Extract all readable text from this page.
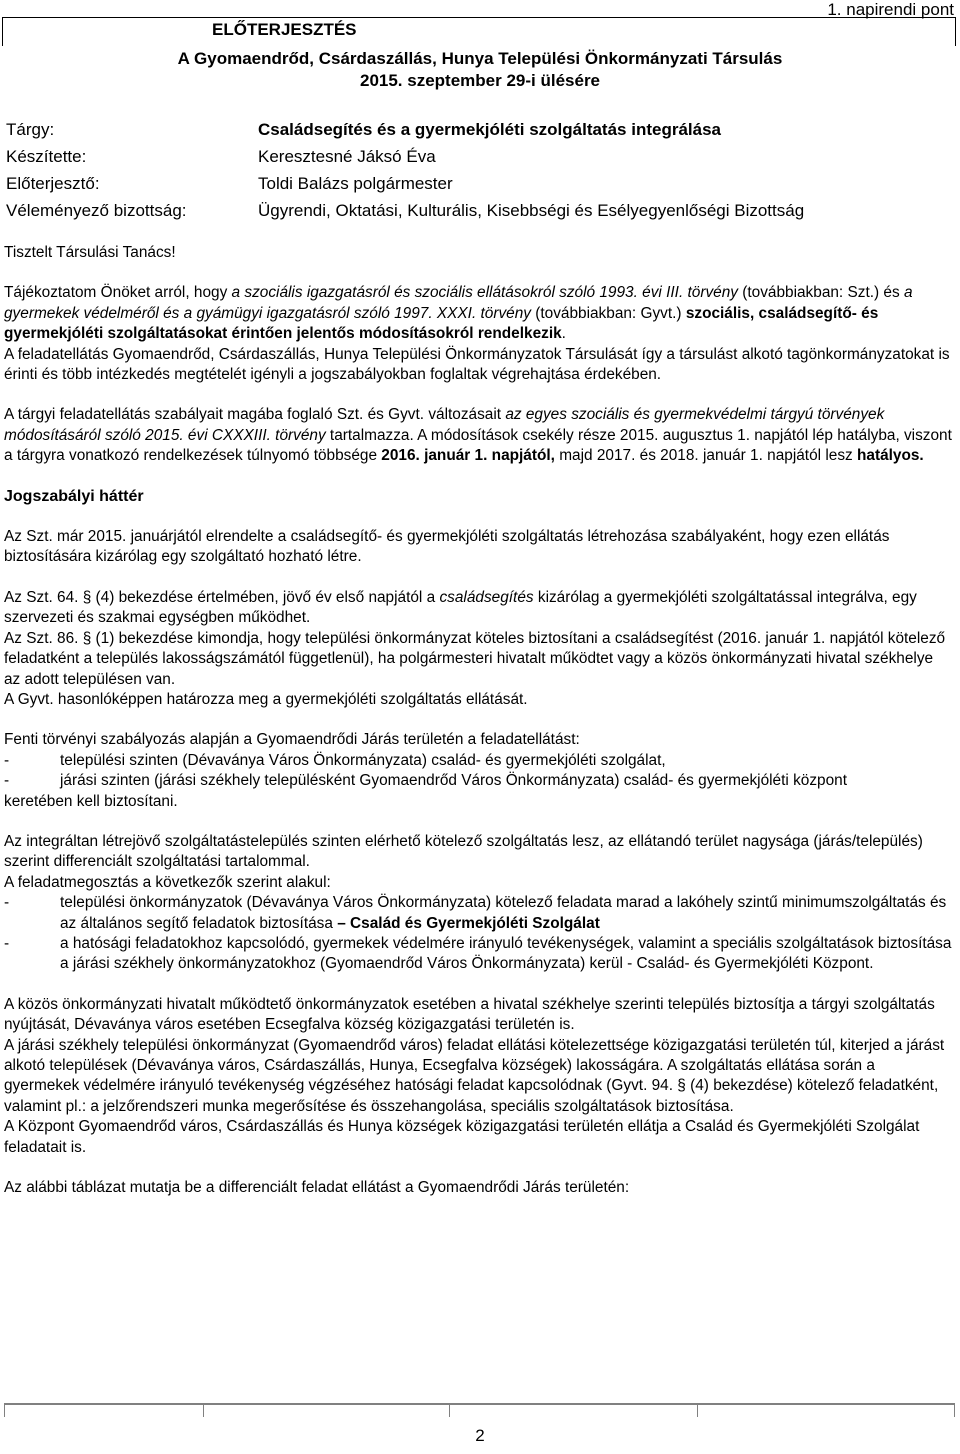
1. napirendi pont
ELŐTERJESZTÉS
A Gyomaendrőd, Csárdaszállás, Hunya Települési Önkormányzati Társulás
2015. szeptember 29-i ülésére
Tárgy:	Családsegítés és a gyermekjóléti szolgáltatás integrálása
Készítette:	Keresztesné Jáksó Éva
Előterjesztő:	Toldi Balázs polgármester
Véleményező bizottság:	Ügyrendi, Oktatási, Kulturális, Kisebbségi és Esélyegyenlőségi Bizottság

Tisztelt Társulási Tanács!

Tájékoztatom Önöket arról, hogy a szociális igazgatásról és szociális ellátásokról szóló 1993. évi III. törvény (továbbiakban: Szt.) és a gyermekek védelméről és a gyámügyi igazgatásról szóló 1997. XXXI. törvény (továbbiakban: Gyvt.) szociális, családsegítő- és gyermekjóléti szolgáltatásokat érintően jelentős módosításokról rendelkezik.

A feladatellátás Gyomaendrőd, Csárdaszállás, Hunya Települési Önkormányzatok Társulását így a társulást alkotó tagönkormányzatokat is érinti és több intézkedés megtételét igényli a jogszabályokban foglaltak végrehajtása érdekében.

A tárgyi feladatellátás szabályait magába foglaló Szt. és Gyvt. változásait az egyes szociális és gyermekvédelmi tárgyú törvények módosításáról szóló 2015. évi CXXXIII. törvény tartalmazza. A módosítások csekély része 2015. augusztus 1. napjától lép hatályba, viszont a tárgyra vonatkozó rendelkezések túlnyomó többsége 2016. január 1. napjától, majd 2017. és 2018. január 1. napjától lesz hatályos.

Jogszabályi háttér

Az Szt. már 2015. januárjától elrendelte a családsegítő- és gyermekjóléti szolgáltatás létrehozása szabályaként, hogy ezen ellátás biztosítására kizárólag egy szolgáltató hozható létre.

Az Szt. 64. § (4) bekezdése értelmében, jövő év első napjától a családsegítés kizárólag a gyermekjóléti szolgáltatással integrálva, egy szervezeti és szakmai egységben működhet.

Az Szt. 86. § (1) bekezdése kimondja, hogy települési önkormányzat köteles biztosítani a családsegítést (2016. január 1. napjától kötelező feladatként a település lakosságszámától függetlenül), ha polgármesteri hivatalt működtet vagy a közös önkormányzati hivatal székhelye az adott településen van.

A Gyvt. hasonlóképpen határozza meg a gyermekjóléti szolgáltatás ellátását.

Fenti törvényi szabályozás alapján a Gyomaendrődi Járás területén a feladatellátást:

-	települési szinten (Dévaványa Város Önkormányzata) család- és gyermekjóléti szolgálat,
-	járási szinten (járási székhely településként Gyomaendrőd Város Önkormányzata) család- és gyermekjóléti központ

keretében kell biztosítani.

Az integráltan létrejövő szolgáltatástelepülés szinten elérhető kötelező szolgáltatás lesz, az ellátandó terület nagysága (járás/település) szerint differenciált szolgáltatási tartalommal.

A feladatmegosztás a következők szerint alakul:

-	települési önkormányzatok (Dévaványa Város Önkormányzata) kötelező feladata marad a lakóhely szintű minimumszolgáltatás és az általános segítő feladatok biztosítása – Család és Gyermekjóléti Szolgálat
-	a hatósági feladatokhoz kapcsolódó, gyermekek védelmére irányuló tevékenységek, valamint a speciális szolgáltatások biztosítása a járási székhely önkormányzatokhoz (Gyomaendrőd Város Önkormányzata) kerül - Család- és Gyermekjóléti Központ.

A közös önkormányzati hivatalt működtető önkormányzatok esetében a hivatal székhelye szerinti település biztosítja a tárgyi szolgáltatás nyújtását, Dévaványa város esetében Ecsegfalva község közigazgatási területén is.

A járási székhely települési önkormányzat (Gyomaendrőd város) feladat ellátási kötelezettsége közigazgatási területén túl, kiterjed a járást alkotó települések (Dévaványa város, Csárdaszállás, Hunya, Ecsegfalva községek) lakosságára. A szolgáltatás ellátása során a gyermekek védelmére irányuló tevékenység végzéséhez hatósági feladat kapcsolódnak (Gyvt. 94. § (4) bekezdése) kötelező feladatként, valamint pl.: a jelzőrendszeri munka megerősítése és összehangolása, speciális szolgáltatások biztosítása.

A Központ Gyomaendrőd város, Csárdaszállás és Hunya községek közigazgatási területén ellátja a Család és Gyermekjóléti Szolgálat feladatait is.

Az alábbi táblázat mutatja be a differenciált feladat ellátást a Gyomaendrődi Járás területén:

2
